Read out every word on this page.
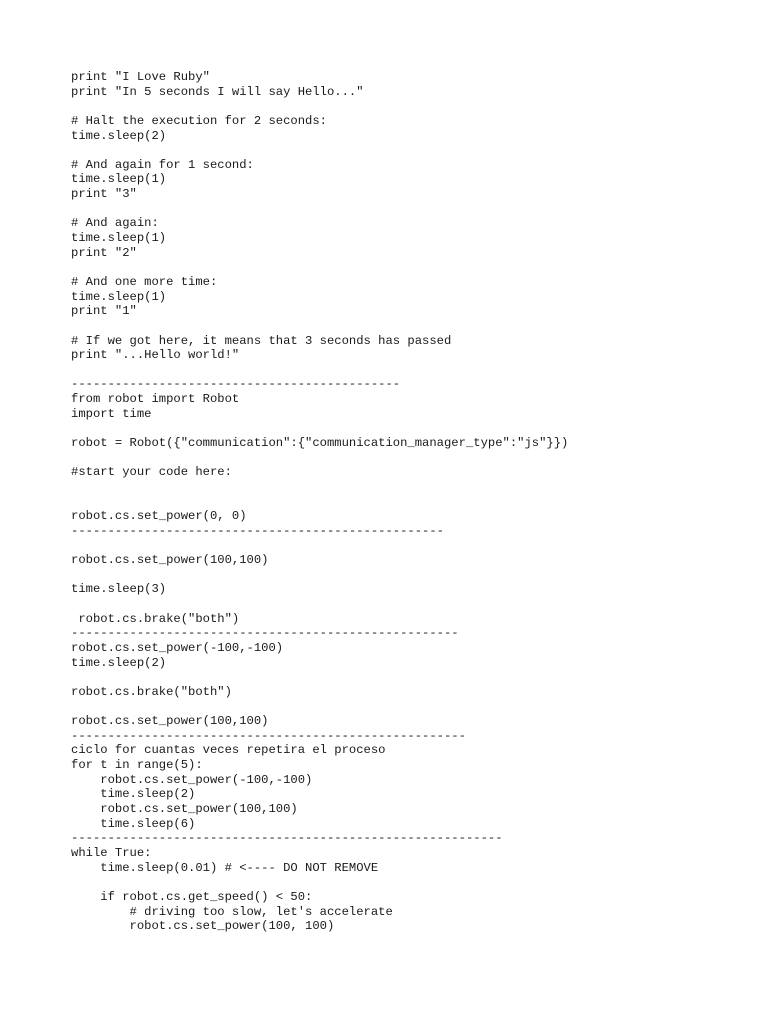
print "I Love Ruby"
print "In 5 seconds I will say Hello..."
# Halt the execution for 2 seconds:
time.sleep(2)
# And again for 1 second:
time.sleep(1)
print "3"
# And again:
time.sleep(1)
print "2"
# And one more time:
time.sleep(1)
print "1"
# If we got here, it means that 3 seconds has passed
print "...Hello world!"
---------------------------------------------
from robot import Robot
import time
robot = Robot({"communication":{"communication_manager_type":"js"}})
#start your code here:
robot.cs.set_power(0, 0)
---------------------------------------------------
robot.cs.set_power(100,100)
time.sleep(3)
robot.cs.brake("both")
-----------------------------------------------------
robot.cs.set_power(-100,-100)
time.sleep(2)
robot.cs.brake("both")
robot.cs.set_power(100,100)
------------------------------------------------------
ciclo for cuantas veces repetira el proceso
for t in range(5):
robot.cs.set_power(-100,-100)
time.sleep(2)
robot.cs.set_power(100,100)
time.sleep(6)
-----------------------------------------------------------
while True:
time.sleep(0.01) # <---- DO NOT REMOVE
if robot.cs.get_speed() < 50:
# driving too slow, let's accelerate
robot.cs.set_power(100, 100)
